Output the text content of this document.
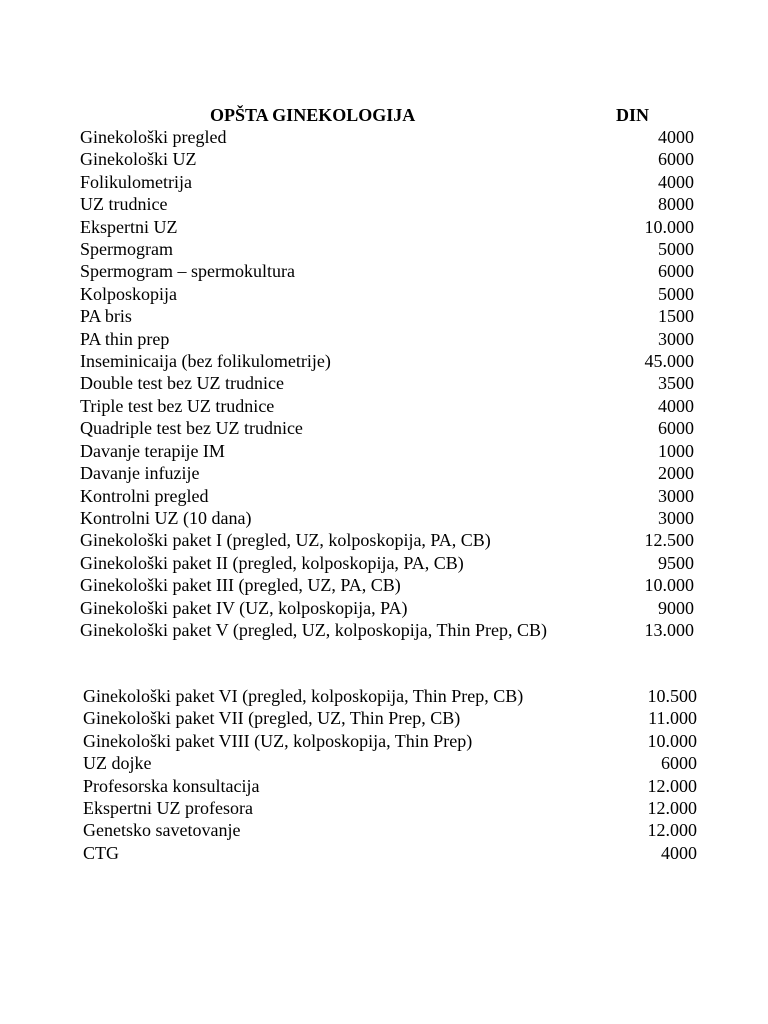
OPŠTA GINEKOLOGIJA	DIN
Ginekološki pregled	4000
Ginekološki UZ	6000
Folikulometrija	4000
UZ trudnice	8000
Ekspertni UZ	10.000
Spermogram	5000
Spermogram – spermokultura	6000
Kolposkopija	5000
PA bris	1500
PA thin prep	3000
Inseminicaija (bez folikulometrije)	45.000
Double test bez UZ trudnice	3500
Triple test bez UZ trudnice	4000
Quadriple test bez UZ trudnice	6000
Davanje terapije IM	1000
Davanje infuzije	2000
Kontrolni pregled	3000
Kontrolni UZ (10 dana)	3000
Ginekološki paket I (pregled, UZ, kolposkopija, PA, CB)	12.500
Ginekološki paket II (pregled, kolposkopija, PA, CB)	9500
Ginekološki paket III (pregled, UZ, PA, CB)	10.000
Ginekološki paket IV (UZ, kolposkopija, PA)	9000
Ginekološki paket V (pregled, UZ, kolposkopija, Thin Prep, CB)	13.000
Ginekološki paket VI (pregled, kolposkopija, Thin Prep, CB)	10.500
Ginekološki paket VII (pregled, UZ, Thin Prep, CB)	11.000
Ginekološki paket VIII (UZ, kolposkopija, Thin Prep)	10.000
UZ dojke	6000
Profesorska konsultacija	12.000
Ekspertni UZ profesora	12.000
Genetsko savetovanje	12.000
CTG	4000
